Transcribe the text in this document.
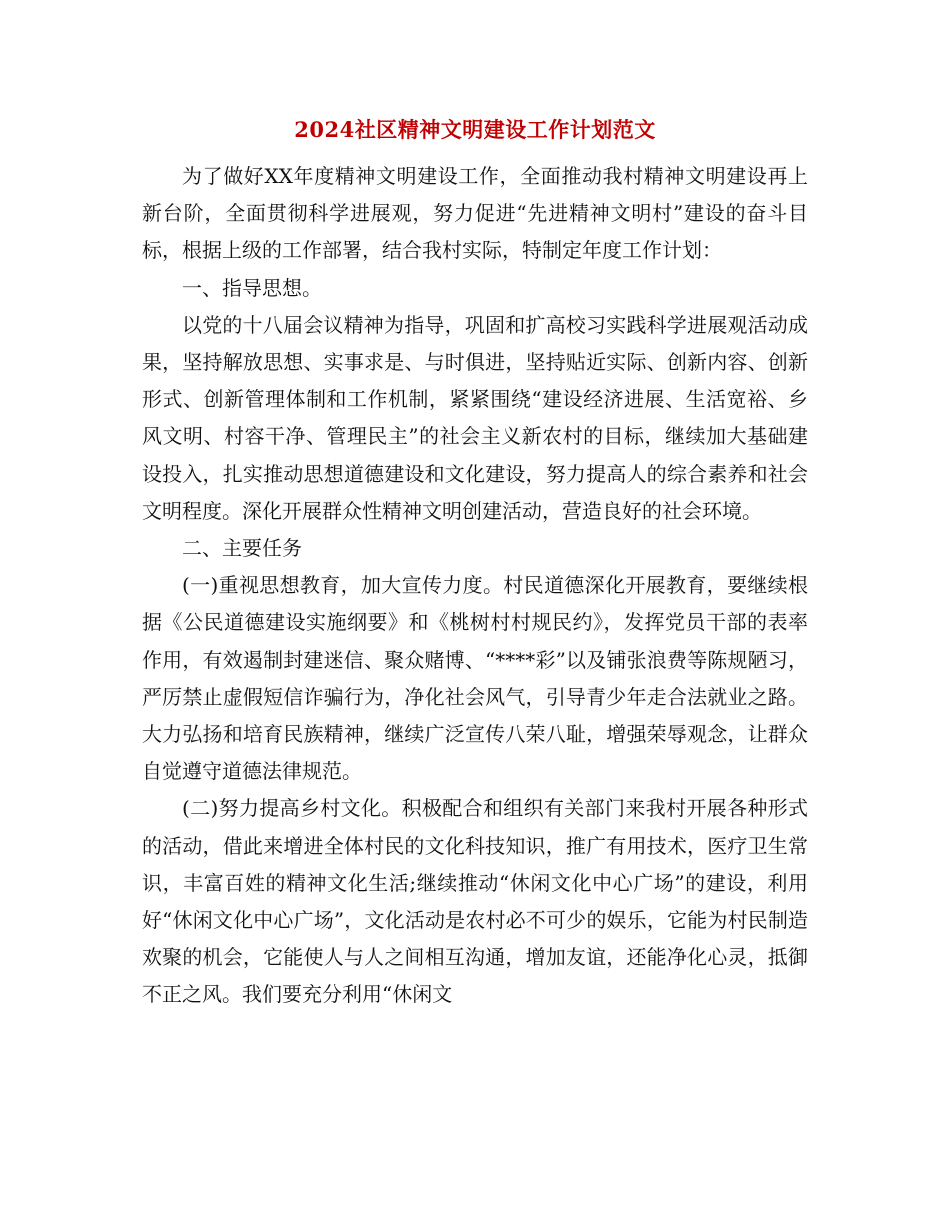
2024社区精神文明建设工作计划范文

为了做好XX年度精神文明建设工作，全面推动我村精神文明建设再上新台阶，全面贯彻科学进展观，努力促进“先进精神文明村”建设的奋斗目标，根据上级的工作部署，结合我村实际，特制定年度工作计划：

一、指导思想。

以党的十八届会议精神为指导，巩固和扩高校习实践科学进展观活动成果，坚持解放思想、实事求是、与时俱进，坚持贴近实际、创新内容、创新形式、创新管理体制和工作机制，紧紧围绕“建设经济进展、生活宽裕、乡风文明、村容干净、管理民主”的社会主义新农村的目标，继续加大基础建设投入，扎实推动思想道德建设和文化建设，努力提高人的综合素养和社会文明程度。深化开展群众性精神文明创建活动，营造良好的社会环境。

二、主要任务

(一)重视思想教育，加大宣传力度。村民道德深化开展教育，要继续根据《公民道德建设实施纲要》和《桃树村村规民约》，发挥党员干部的表率作用，有效遏制封建迷信、聚众赌博、“****彩”以及铺张浪费等陈规陋习，严厉禁止虚假短信诈骗行为，净化社会风气，引导青少年走合法就业之路。大力弘扬和培育民族精神，继续广泛宣传八荣八耻，增强荣辱观念，让群众自觉遵守道德法律规范。

(二)努力提高乡村文化。积极配合和组织有关部门来我村开展各种形式的活动，借此来增进全体村民的文化科技知识，推广有用技术，医疗卫生常识，丰富百姓的精神文化生活;继续推动“休闲文化中心广场”的建设，利用好“休闲文化中心广场”，文化活动是农村必不可少的娱乐，它能为村民制造欢聚的机会，它能使人与人之间相互沟通，增加友谊，还能净化心灵，抵御不正之风。我们要充分利用“休闲文
